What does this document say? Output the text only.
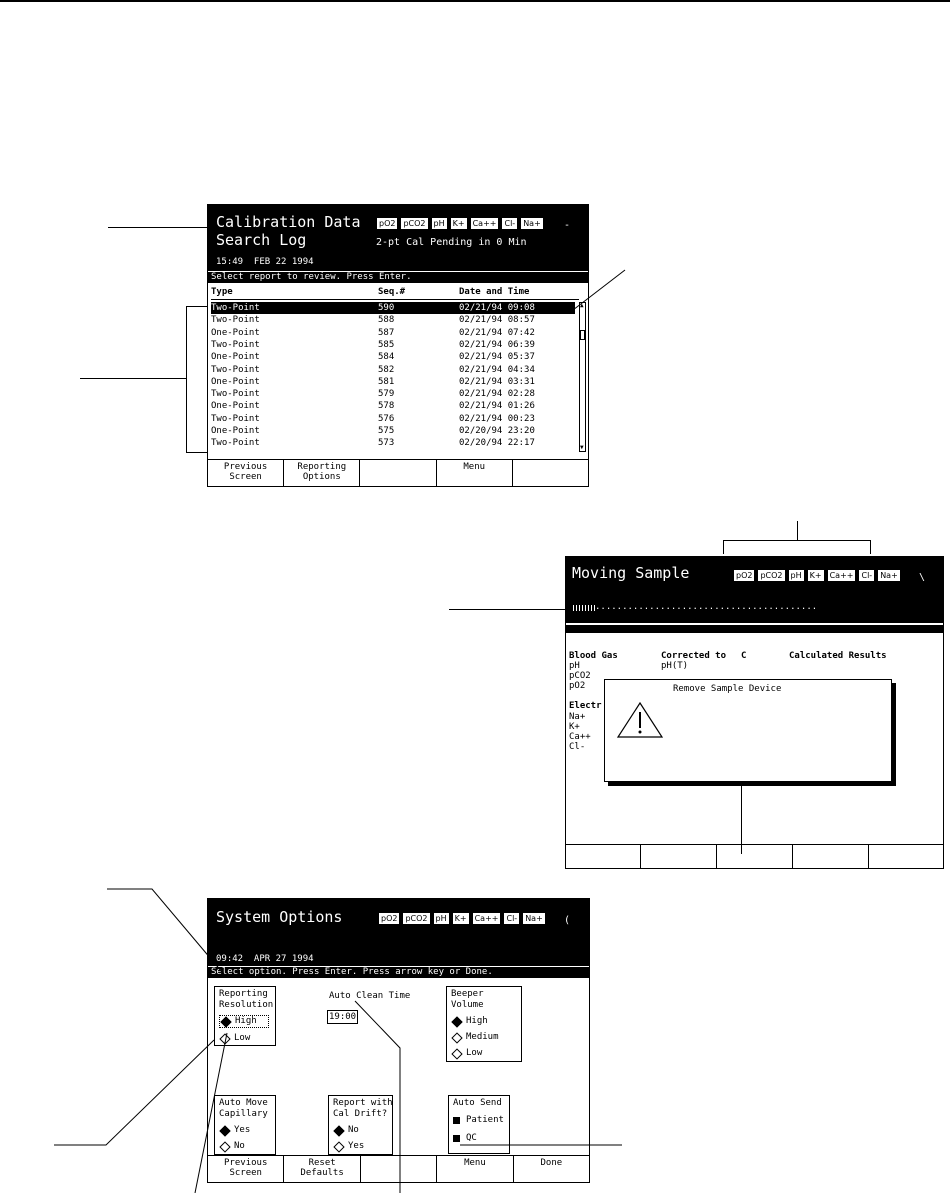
Calibration Data
Search Log
pO2	pCO2	pH	K+	Ca++	Cl-	Na+
2-pt Cal Pending in 0 Min
-
15:49  FEB 22 1994
Select report to review. Press Enter.
Type	Seq.#	Date and Time
Two-Point	590	02/21/94 09:08
Two-Point	588	02/21/94 08:57
One-Point	587	02/21/94 07:42
Two-Point	585	02/21/94 06:39
One-Point	584	02/21/94 05:37
Two-Point	582	02/21/94 04:34
One-Point	581	02/21/94 03:31
Two-Point	579	02/21/94 02:28
One-Point	578	02/21/94 01:26
Two-Point	576	02/21/94 00:23
One-Point	575	02/20/94 23:20
Two-Point	573	02/20/94 22:17
▲
▼
Previous
Screen
Reporting
Options
Menu
Moving Sample	pO2	pCO2	pH	K+	Ca++	Cl-	Na+	\
.........................................
Blood Gas	Corrected to C	Calculated Results
pH(T)
pH
pCO2
pO2
Electr
Na+
K+
Ca++
Cl-
Remove Sample Device
System Options	pO2	pCO2	pH	K+	Ca++	Cl-	Na+	(
09:42  APR 27 1994
Select option. Press Enter. Press arrow key or Done.
Reporting
Resolution
High
Low
Auto Clean Time
19:00
Beeper Volume
High
Medium
Low
Auto Move
Capillary
Yes
No
Report with
Cal Drift?
No
Yes
Auto Send
Patient
QC
Previous
Screen
Reset
Defaults
Menu	Done
